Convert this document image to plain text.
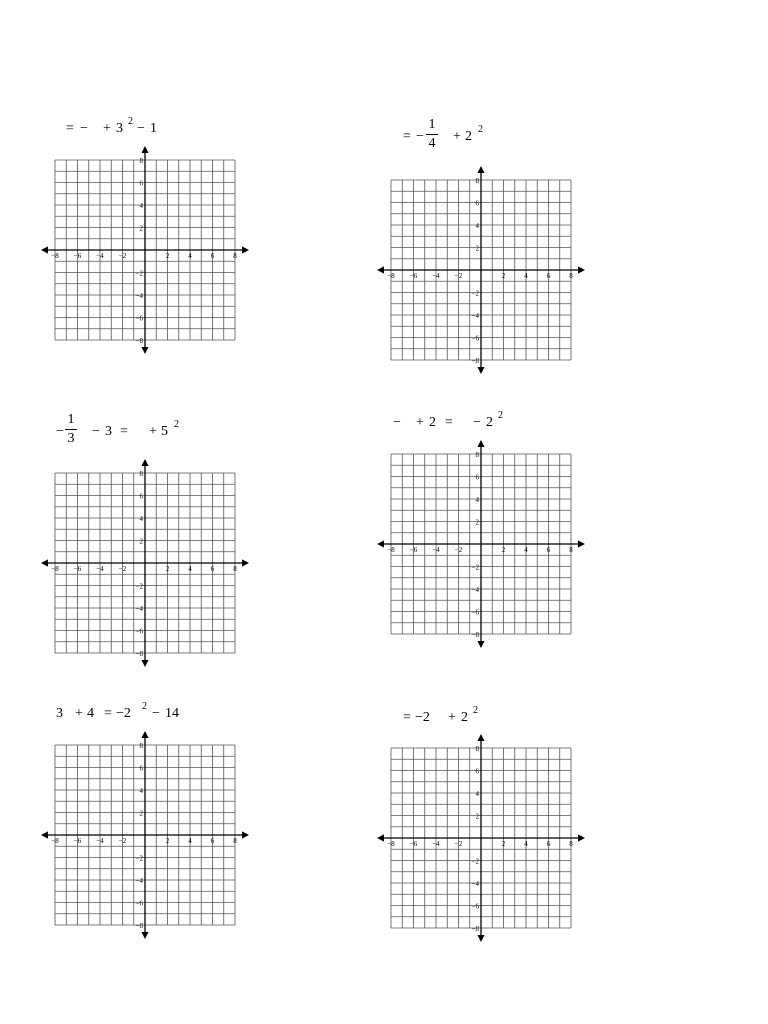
= − + 3 2 − 1
−8 −6 −4 −2	2	4	6	8
8
6
4
2
−2
−4
−6
−8
= −
1
4 + 2 2
−8 −6 −4 −2	2	4	6	8
8
6
4
2
−2
−4
−6
−8
−
1
3 − 3 = + 5 2
−8 −6 −4 −2	2	4	6	8
8
6
4
2
−2
−4
−6
−8
− + 2 = − 2 2
−8 −6 −4 −2	2	4	6	8
8
6
4
2
−2
−4
−6
−8
3 + 4 = −2 2 − 14
−8 −6 −4 −2	2	4	6	8
8
6
4
2
−2
−4
−6
−8
= −2 + 2 2
−8 −6 −4 −2	2	4	6	8
8
6
4
2
−2
−4
−6
−8
